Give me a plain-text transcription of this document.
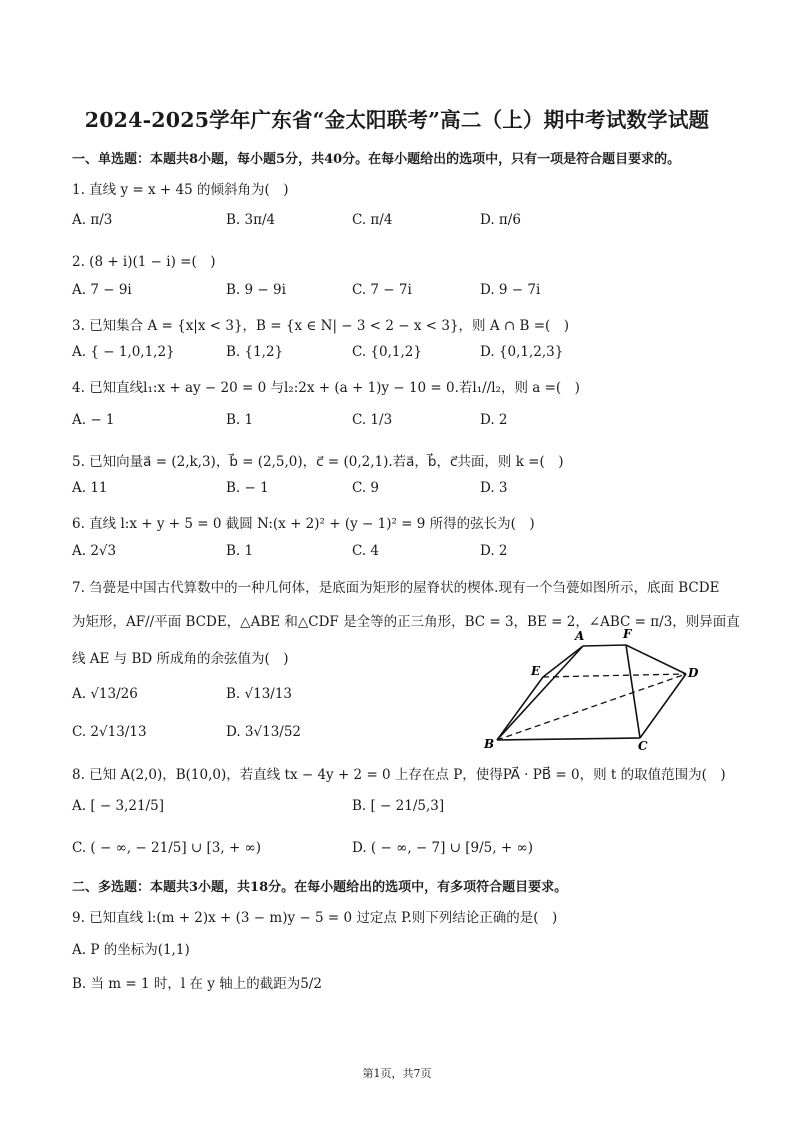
2024-2025学年广东省“金太阳联考”高二（上）期中考试数学试题
一、单选题：本题共8小题，每小题5分，共40分。在每小题给出的选项中，只有一项是符合题目要求的。
1. 直线 y = x + 45 的倾斜角为(　)
A. π/3	B. 3π/4	C. π/4	D. π/6
2. (8 + i)(1 − i) =(　)
A. 7 − 9i	B. 9 − 9i	C. 7 − 7i	D. 9 − 7i
3. 已知集合 A = {x|x < 3}，B = {x ∈ N| − 3 < 2 − x < 3}，则 A ∩ B =(　)
A. { − 1,0,1,2}	B. {1,2}	C. {0,1,2}	D. {0,1,2,3}
4. 已知直线l₁:x + ay − 20 = 0 与l₂:2x + (a + 1)y − 10 = 0.若l₁//l₂，则 a =(　)
A. − 1	B. 1	C. 1/3	D. 2
5. 已知向量a⃗ = (2,k,3)，b⃗ = (2,5,0)，c⃗ = (0,2,1).若a⃗，b⃗，c⃗共面，则 k =(　)
A. 11	B. − 1	C. 9	D. 3
6. 直线 l:x + y + 5 = 0 截圆 N:(x + 2)² + (y − 1)² = 9 所得的弦长为(　)
A. 2√3	B. 1	C. 4	D. 2
7. 刍甍是中国古代算数中的一种几何体，是底面为矩形的屋脊状的楔体.现有一个刍甍如图所示，底面 BCDE
为矩形，AF//平面 BCDE，△ABE 和△CDF 是全等的正三角形，BC = 3，BE = 2，∠ABC = π/3，则异面直
线 AE 与 BD 所成角的余弦值为(　)
A. √13/26	B. √13/13
C. 2√13/13	D. 3√13/52
A	F
E	D
B	C
8. 已知 A(2,0)，B(10,0)，若直线 tx − 4y + 2 = 0 上存在点 P，使得PA⃗ · PB⃗ = 0，则 t 的取值范围为(　)
A. [ − 3,21/5]	B. [ − 21/5,3]
C. ( − ∞, − 21/5] ∪ [3, + ∞)	D. ( − ∞, − 7] ∪ [9/5, + ∞)
二、多选题：本题共3小题，共18分。在每小题给出的选项中，有多项符合题目要求。
9. 已知直线 l:(m + 2)x + (3 − m)y − 5 = 0 过定点 P.则下列结论正确的是(　)
A. P 的坐标为(1,1)
B. 当 m = 1 时，l 在 y 轴上的截距为5/2
第1页，共7页
